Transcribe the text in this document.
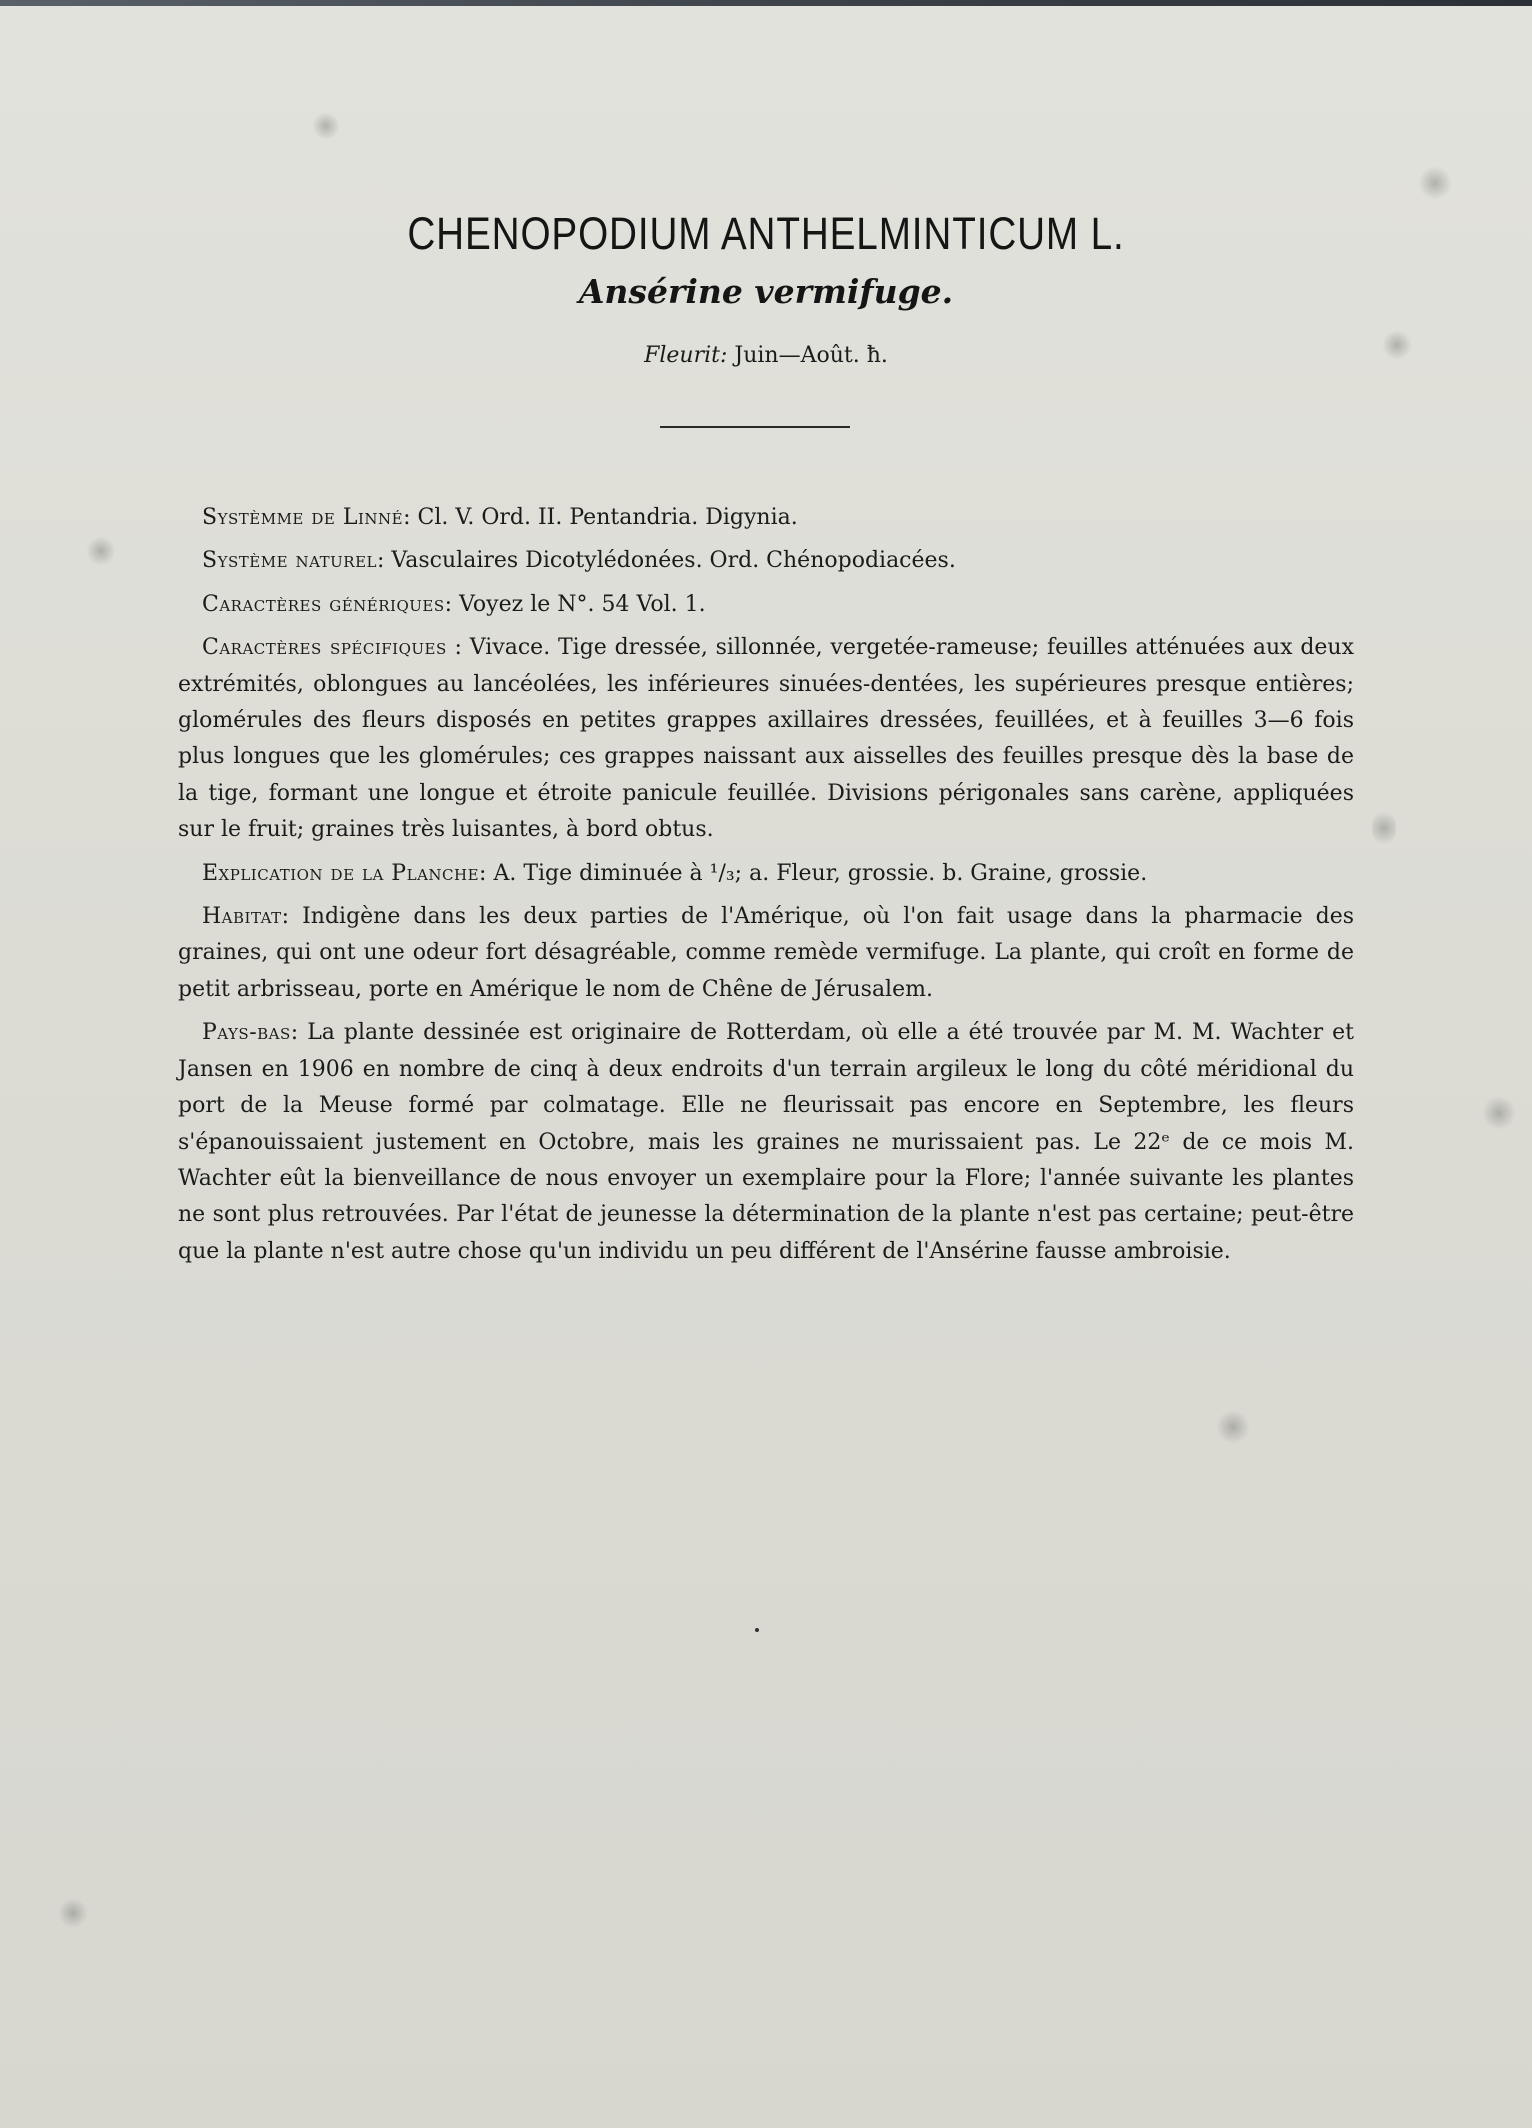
CHENOPODIUM ANTHELMINTICUM L.
Ansérine vermifuge.
Fleurit: Juin—Août. ħ.

Systèmme de Linné: Cl. V. Ord. II. Pentandria. Digynia.

Système naturel: Vasculaires Dicotylédonées. Ord. Chénopodiacées.

Caractères génériques: Voyez le N°. 54 Vol. 1.

Caractères spécifiques : Vivace. Tige dressée, sillonnée, vergetée-rameuse; feuilles atténuées aux deux extrémités, oblongues au lancéolées, les inférieures sinuées-dentées, les supérieures presque entières; glomérules des fleurs disposés en petites grappes axillaires dressées, feuillées, et à feuilles 3—6 fois plus longues que les glomérules; ces grappes naissant aux aisselles des feuilles presque dès la base de la tige, formant une longue et étroite panicule feuillée. Divisions périgonales sans carène, appliquées sur le fruit; graines très luisantes, à bord obtus.

Explication de la Planche: A. Tige diminuée à ¹/₃; a. Fleur, grossie. b. Graine, grossie.

Habitat: Indigène dans les deux parties de l'Amérique, où l'on fait usage dans la pharmacie des graines, qui ont une odeur fort désagréable, comme remède vermifuge. La plante, qui croît en forme de petit arbrisseau, porte en Amérique le nom de Chêne de Jérusalem.

Pays-bas: La plante dessinée est originaire de Rotterdam, où elle a été trouvée par M. M. Wachter et Jansen en 1906 en nombre de cinq à deux endroits d'un terrain argileux le long du côté méridional du port de la Meuse formé par colmatage. Elle ne fleurissait pas encore en Septembre, les fleurs s'épanouissaient justement en Octobre, mais les graines ne murissaient pas. Le 22ᵉ de ce mois M. Wachter eût la bienveillance de nous envoyer un exemplaire pour la Flore; l'année suivante les plantes ne sont plus retrouvées. Par l'état de jeunesse la détermination de la plante n'est pas certaine; peut-être que la plante n'est autre chose qu'un individu un peu différent de l'Ansérine fausse ambroisie.
